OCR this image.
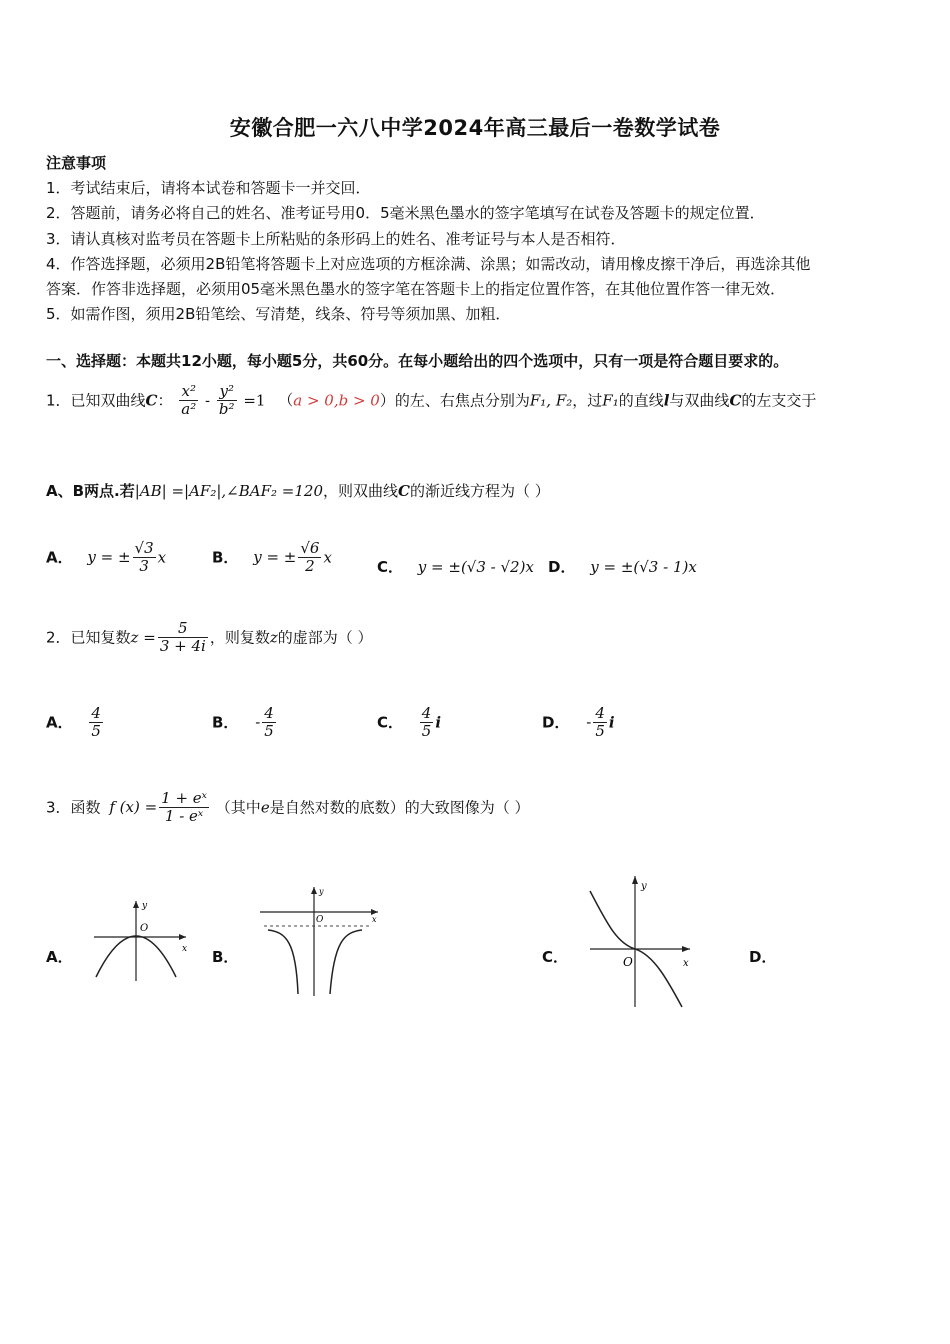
安徽合肥一六八中学2024年高三最后一卷数学试卷
注意事项
1．考试结束后，请将本试卷和答题卡一并交回．
2．答题前，请务必将自己的姓名、准考证号用0．5毫米黑色墨水的签字笔填写在试卷及答题卡的规定位置．
3．请认真核对监考员在答题卡上所粘贴的条形码上的姓名、准考证号与本人是否相符．
4．作答选择题，必须用2B铅笔将答题卡上对应选项的方框涂满、涂黑；如需改动，请用橡皮擦干净后，再选涂其他
答案．作答非选择题，必须用05毫米黑色墨水的签字笔在答题卡上的指定位置作答，在其他位置作答一律无效．
5．如需作图，须用2B铅笔绘、写清楚，线条、符号等须加黑、加粗．
一、选择题：本题共12小题，每小题5分，共60分。在每小题给出的四个选项中，只有一项是符合题目要求的。
1．已知双曲线C： $\frac{\text{x²}}{\text{a²}} - \frac{\text{y²}}{\text{b²}} =1$ （a > 0,b > 0）的左、右焦点分别为F₁, F₂，过F₁的直线l与双曲线C的左支交于
A、B两点.若|AB| =|AF₂|,∠BAF₂ =120，则双曲线C的渐近线方程为（ ）
A． y = ± $\frac{√3}{3}$ x	B． y = ± $\frac{√6}{2}$ x
C． y = ±(√3 - √2)x D． y = ±(√3 - 1)x
2．已知复数$z = \frac{5}{3 + 4i}$ ，则复数z的虚部为（ ）
A． $\frac{4}{5}$	B． - $\frac{4}{5}$	C． $\frac{4}{5}$ i	D． - $\frac{4}{5}$ i
3．函数 f $(x) = \frac{\text{1 + eˣ}}{\text{1 - eˣ}}$ （其中e是自然对数的底数）的大致图像为（ ）
A．	B．	C．	D．
y
x
O
y
x
O
y
x
O
